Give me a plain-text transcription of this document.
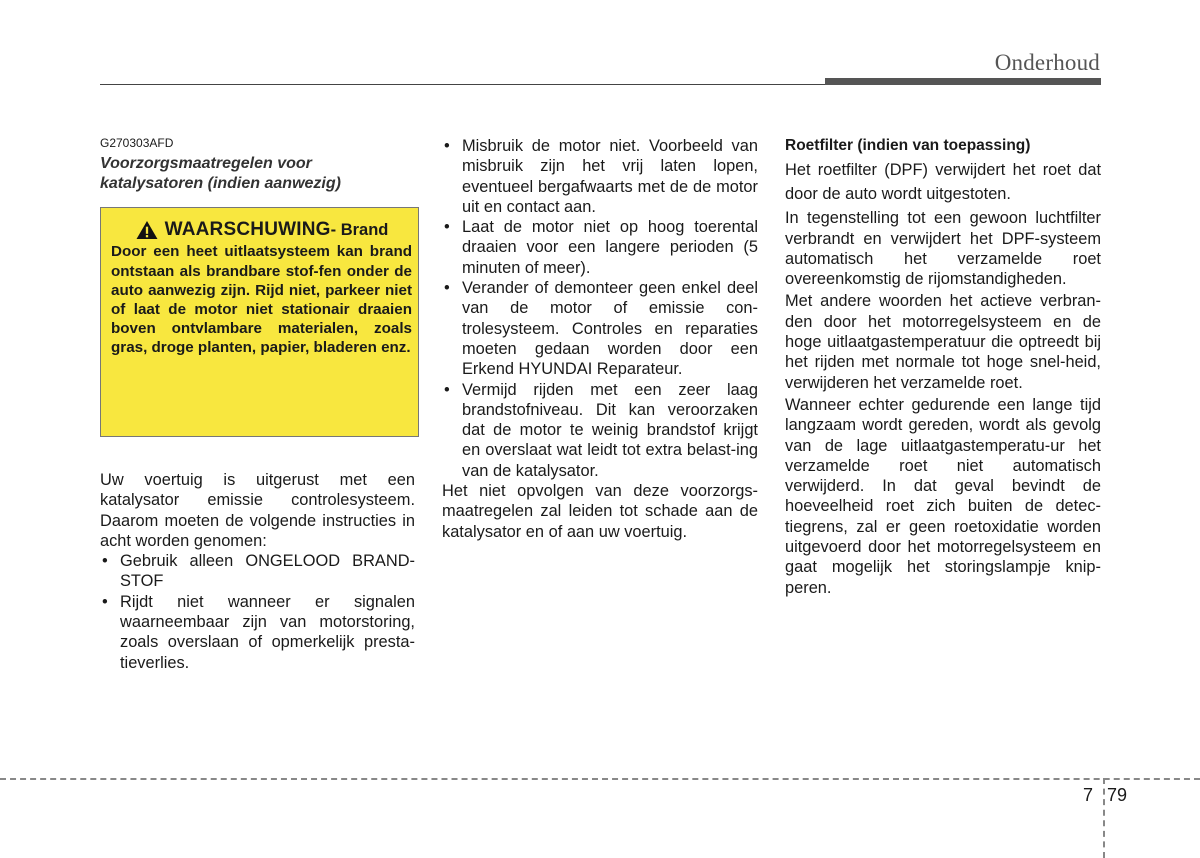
Onderhoud
G270303AFD
Voorzorgsmaatregelen voor
katalysatoren (indien aanwezig)
WAARSCHUWING - Brand
Door een heet uitlaatsysteem kan brand ontstaan als brandbare stof-fen onder de auto aanwezig zijn. Rijd niet, parkeer niet of laat de motor niet stationair draaien boven ontvlambare materialen, zoals gras, droge planten, papier, bladeren enz.

Uw voertuig is uitgerust met een katalysator emissie controlesysteem. Daarom moeten de volgende instructies in acht worden genomen:

• Gebruik alleen ONGELOOD BRAND-STOF
• Rijdt niet wanneer er signalen waarneembaar zijn van motorstoring, zoals overslaan of opmerkelijk presta-tieverlies.
• Misbruik de motor niet. Voorbeeld van misbruik zijn het vrij laten lopen, eventueel bergafwaarts met de de motor uit en contact aan.
• Laat de motor niet op hoog toerental draaien voor een langere perioden (5 minuten of meer).
• Verander of demonteer geen enkel deel van de motor of emissie con-trolesysteem. Controles en reparaties moeten gedaan worden door een Erkend HYUNDAI Reparateur.
• Vermijd rijden met een zeer laag brandstofniveau. Dit kan veroorzaken dat de motor te weinig brandstof krijgt en overslaat wat leidt tot extra belast-ing van de katalysator.

Het niet opvolgen van deze voorzorgs-maatregelen zal leiden tot schade aan de katalysator en of aan uw voertuig.

Roetfilter (indien van toepassing)

Het roetfilter (DPF) verwijdert het roet dat door de auto wordt uitgestoten.

In tegenstelling tot een gewoon luchtfilter verbrandt en verwijdert het DPF-systeem automatisch het verzamelde roet overeenkomstig de rijomstandigheden.

Met andere woorden het actieve verbran-den door het motorregelsysteem en de hoge uitlaatgastemperatuur die optreedt bij het rijden met normale tot hoge snel-heid, verwijderen het verzamelde roet.

Wanneer echter gedurende een lange tijd langzaam wordt gereden, wordt als gevolg van de lage uitlaatgastemperatu-ur het verzamelde roet niet automatisch verwijderd. In dat geval bevindt de hoeveelheid roet zich buiten de detec-tiegrens, zal er geen roetoxidatie worden uitgevoerd door het motorregelsysteem en gaat mogelijk het storingslampje knip-peren.

7 79
